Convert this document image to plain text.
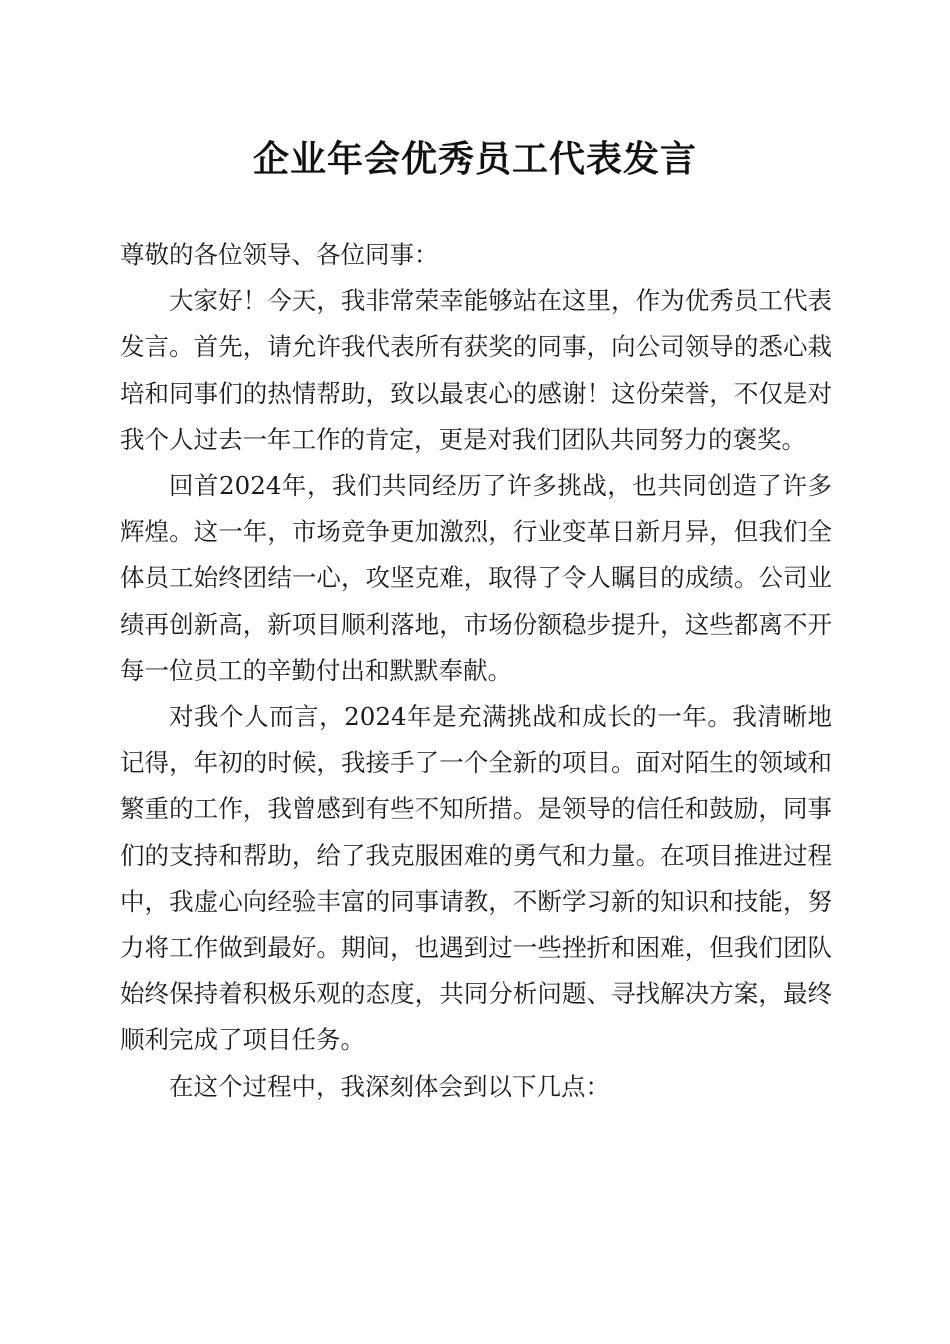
企业年会优秀员工代表发言

尊敬的各位领导、各位同事：

大家好！今天，我非常荣幸能够站在这里，作为优秀员工代表发言。首先，请允许我代表所有获奖的同事，向公司领导的悉心栽培和同事们的热情帮助，致以最衷心的感谢！这份荣誉，不仅是对我个人过去一年工作的肯定，更是对我们团队共同努力的褒奖。

回首2024年，我们共同经历了许多挑战，也共同创造了许多辉煌。这一年，市场竞争更加激烈，行业变革日新月异，但我们全体员工始终团结一心，攻坚克难，取得了令人瞩目的成绩。公司业绩再创新高，新项目顺利落地，市场份额稳步提升，这些都离不开每一位员工的辛勤付出和默默奉献。

对我个人而言，2024年是充满挑战和成长的一年。我清晰地记得，年初的时候，我接手了一个全新的项目。面对陌生的领域和繁重的工作，我曾感到有些不知所措。是领导的信任和鼓励，同事们的支持和帮助，给了我克服困难的勇气和力量。在项目推进过程中，我虚心向经验丰富的同事请教，不断学习新的知识和技能，努力将工作做到最好。期间，也遇到过一些挫折和困难，但我们团队始终保持着积极乐观的态度，共同分析问题、寻找解决方案，最终顺利完成了项目任务。

在这个过程中，我深刻体会到以下几点：
